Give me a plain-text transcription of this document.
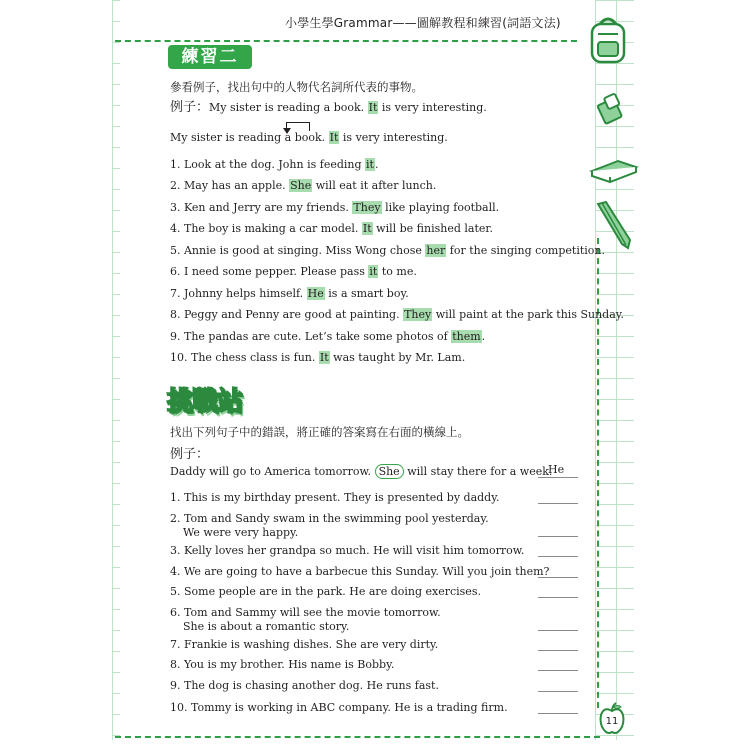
小學生學Grammar——圖解教程和練習(詞語文法)
練習二
參看例子，找出句中的人物代名詞所代表的事物。
例子：My sister is reading a book. It is very interesting.
My sister is reading a book. It is very interesting.
1. Look at the dog. John is feeding it.
2. May has an apple. She will eat it after lunch.
3. Ken and Jerry are my friends. They like playing football.
4. The boy is making a car model. It will be finished later.
5. Annie is good at singing. Miss Wong chose her for the singing competition.
6. I need some pepper. Please pass it to me.
7. Johnny helps himself. He is a smart boy.
8. Peggy and Penny are good at painting. They will paint at the park this Sunday.
9. The pandas are cute. Let’s take some photos of them.
10. The chess class is fun. It was taught by Mr. Lam.
挑戰站
找出下列句子中的錯誤，將正確的答案寫在右面的橫線上。
例子：
Daddy will go to America tomorrow. She will stay there for a week.
He
1. This is my birthday present. They is presented by daddy.
2. Tom and Sandy swam in the swimming pool yesterday.
We were very happy.
3. Kelly loves her grandpa so much. He will visit him tomorrow.
4. We are going to have a barbecue this Sunday. Will you join them?
5. Some people are in the park. He are doing exercises.
6. Tom and Sammy will see the movie tomorrow.
She is about a romantic story.
7. Frankie is washing dishes. She are very dirty.
8. You is my brother. His name is Bobby.
9. The dog is chasing another dog. He runs fast.
10. Tommy is working in ABC company. He is a trading firm.
11
